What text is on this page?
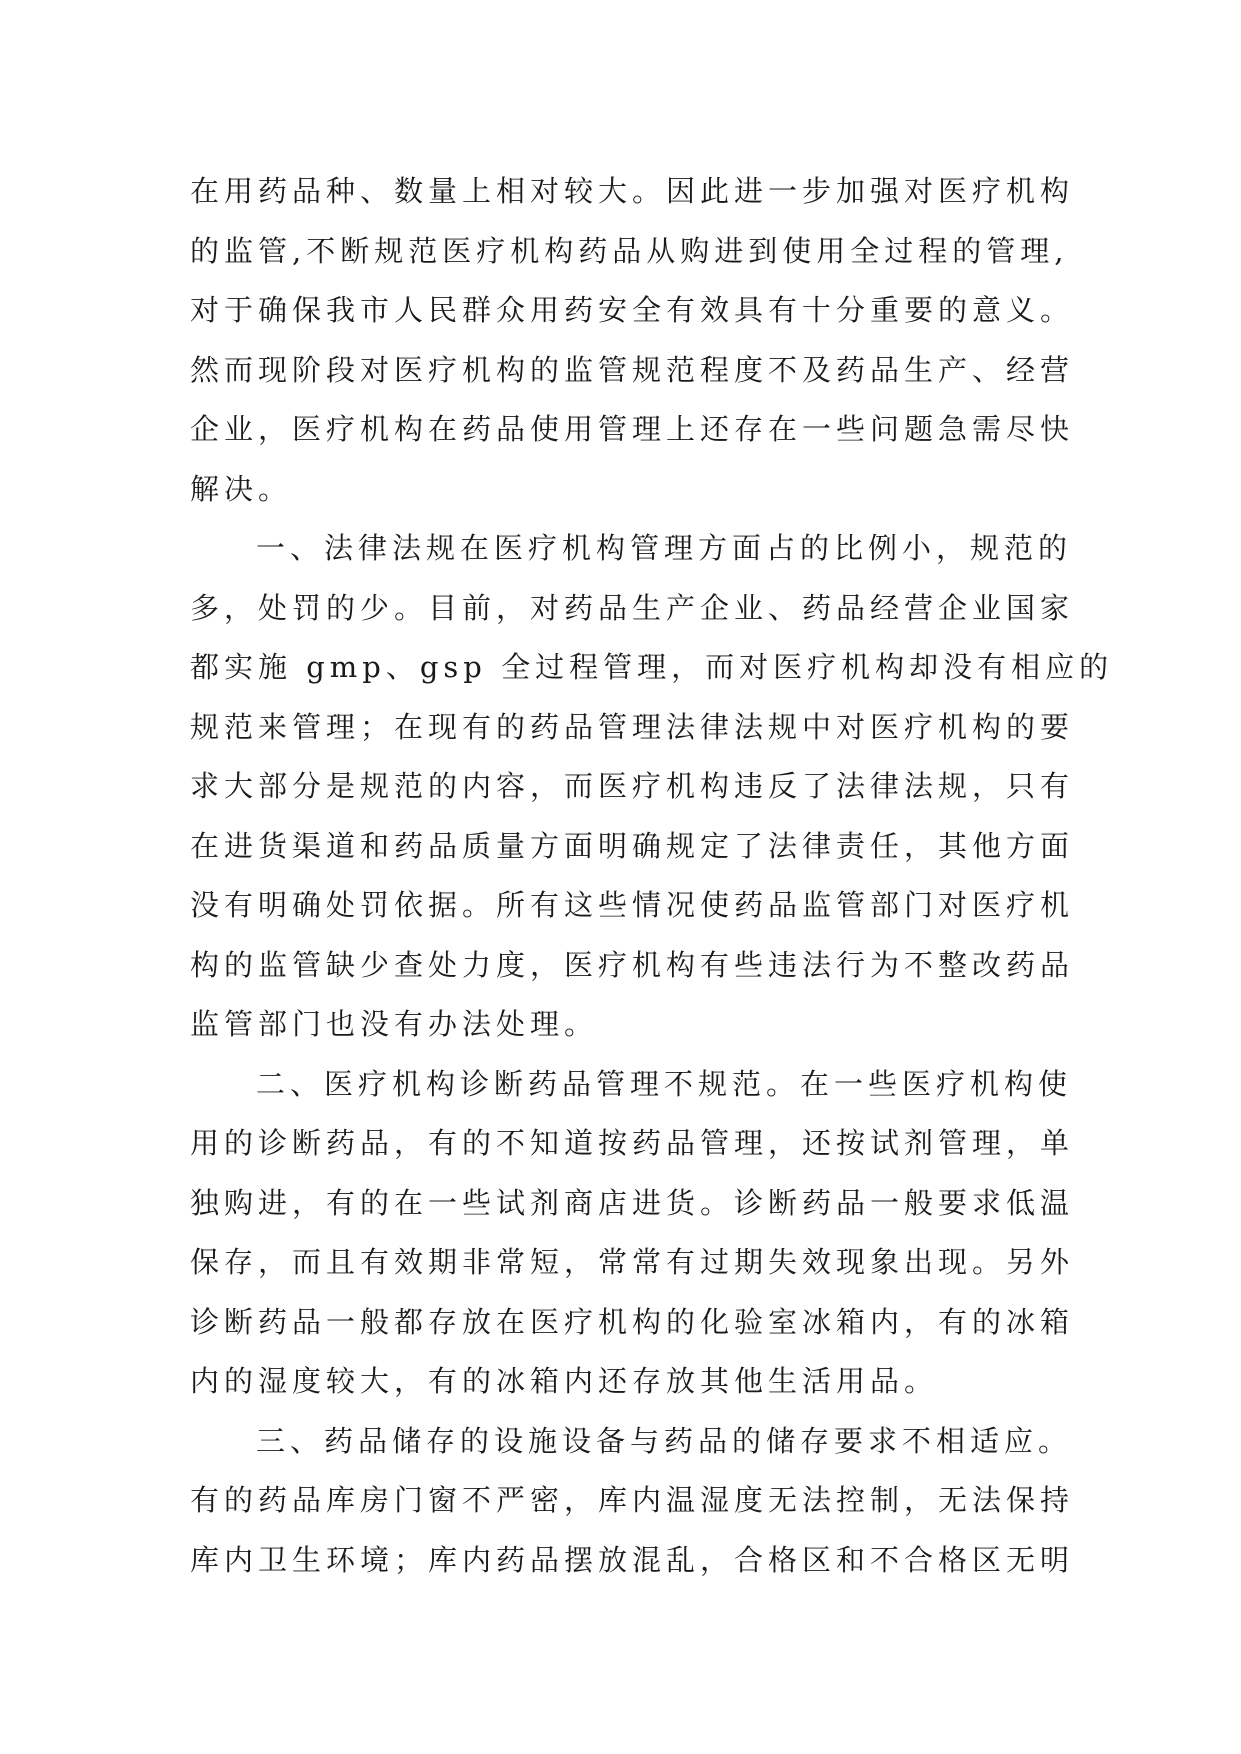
在用药品种、数量上相对较大。因此进一步加强对医疗机构
的监管,不断规范医疗机构药品从购进到使用全过程的管理,
对于确保我市人民群众用药安全有效具有十分重要的意义。
然而现阶段对医疗机构的监管规范程度不及药品生产、经营
企业，医疗机构在药品使用管理上还存在一些问题急需尽快
解决。
一、法律法规在医疗机构管理方面占的比例小，规范的
多，处罚的少。目前，对药品生产企业、药品经营企业国家
都实施 gmp、gsp 全过程管理，而对医疗机构却没有相应的
规范来管理；在现有的药品管理法律法规中对医疗机构的要
求大部分是规范的内容，而医疗机构违反了法律法规，只有
在进货渠道和药品质量方面明确规定了法律责任，其他方面
没有明确处罚依据。所有这些情况使药品监管部门对医疗机
构的监管缺少查处力度，医疗机构有些违法行为不整改药品
监管部门也没有办法处理。
二、医疗机构诊断药品管理不规范。在一些医疗机构使
用的诊断药品，有的不知道按药品管理，还按试剂管理，单
独购进，有的在一些试剂商店进货。诊断药品一般要求低温
保存，而且有效期非常短，常常有过期失效现象出现。另外
诊断药品一般都存放在医疗机构的化验室冰箱内，有的冰箱
内的湿度较大，有的冰箱内还存放其他生活用品。
三、药品储存的设施设备与药品的储存要求不相适应。
有的药品库房门窗不严密，库内温湿度无法控制，无法保持
库内卫生环境；库内药品摆放混乱，合格区和不合格区无明
